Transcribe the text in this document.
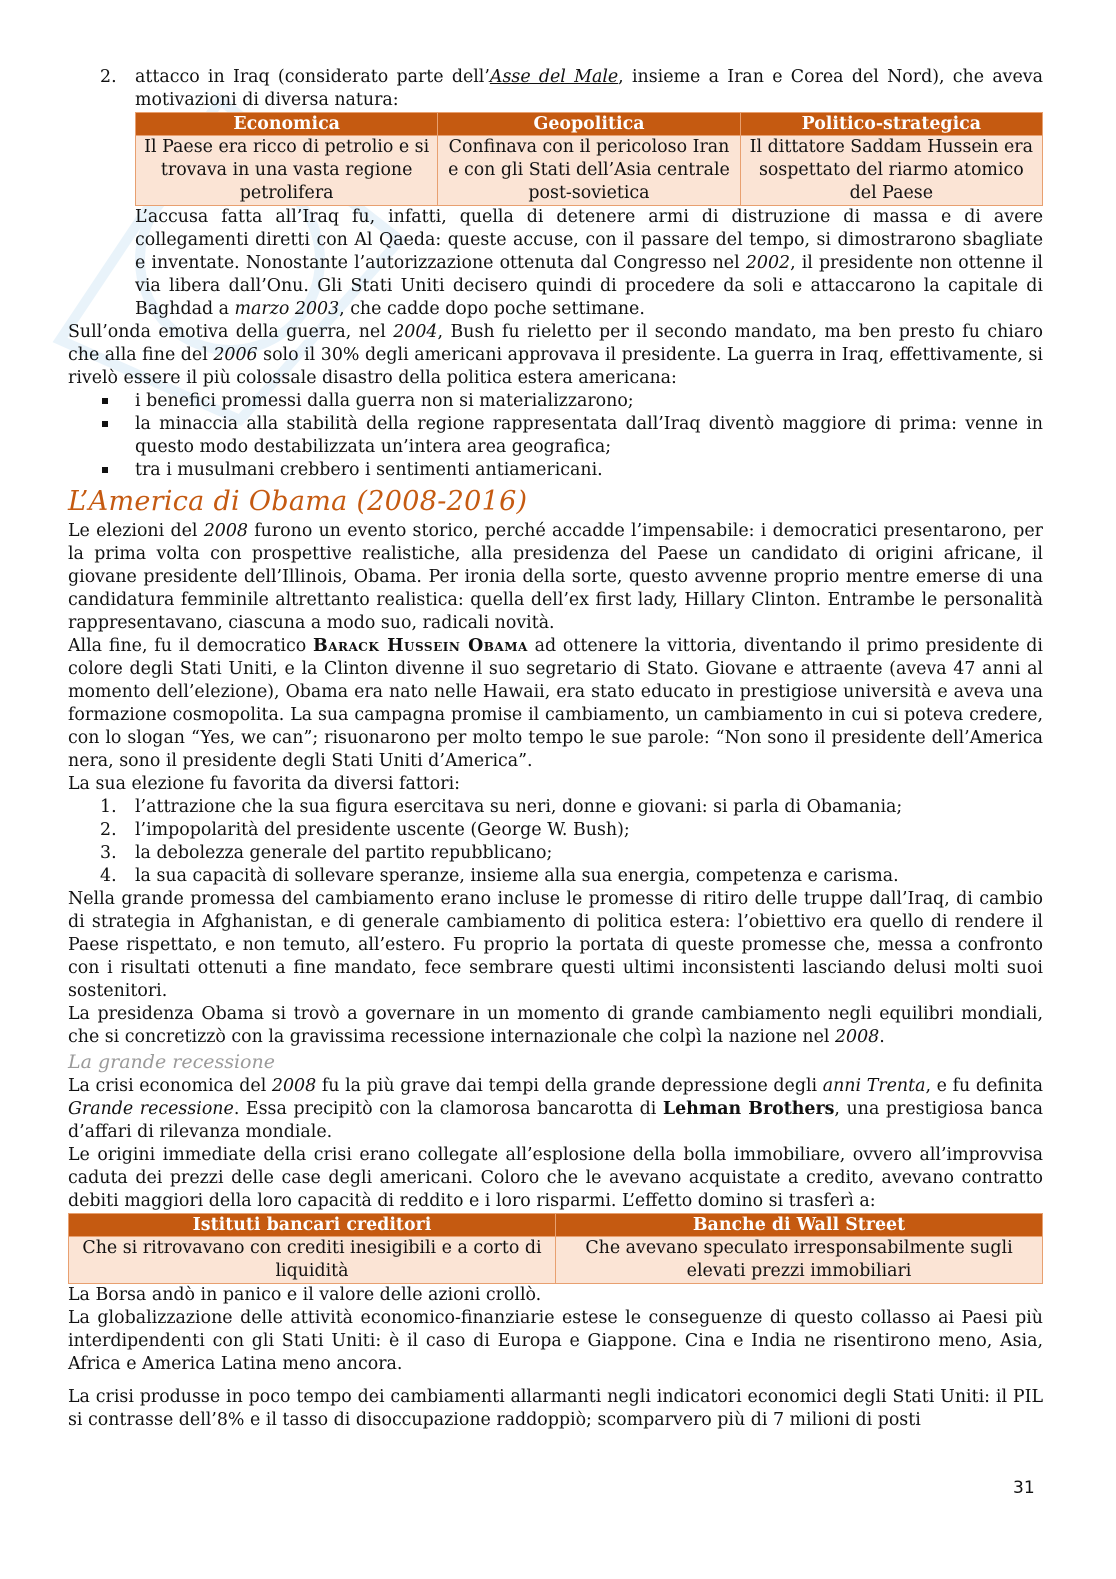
2. attacco in Iraq (considerato parte dell’Asse del Male, insieme a Iran e Corea del Nord), che aveva motivazioni di diversa natura:
Economica	Geopolitica	Politico-strategica
Il Paese era ricco di petrolio e si trovava in una vasta regione petrolifera	Confinava con il pericoloso Iran e con gli Stati dell’Asia centrale post-sovietica	Il dittatore Saddam Hussein era sospettato del riarmo atomico del Paese

L’accusa fatta all’Iraq fu, infatti, quella di detenere armi di distruzione di massa e di avere collegamenti diretti con Al Qaeda: queste accuse, con il passare del tempo, si dimostrarono sbagliate e inventate. Nonostante l’autorizzazione ottenuta dal Congresso nel 2002, il presidente non ottenne il via libera dall’Onu. Gli Stati Uniti decisero quindi di procedere da soli e attaccarono la capitale di Baghdad a marzo 2003, che cadde dopo poche settimane.

Sull’onda emotiva della guerra, nel 2004, Bush fu rieletto per il secondo mandato, ma ben presto fu chiaro che alla fine del 2006 solo il 30% degli americani approvava il presidente. La guerra in Iraq, effettivamente, si rivelò essere il più colossale disastro della politica estera americana:

i benefici promessi dalla guerra non si materializzarono;
la minaccia alla stabilità della regione rappresentata dall’Iraq diventò maggiore di prima: venne in questo modo destabilizzata un’intera area geografica;
tra i musulmani crebbero i sentimenti antiamericani.
L’America di Obama (2008-2016)

Le elezioni del 2008 furono un evento storico, perché accadde l’impensabile: i democratici presentarono, per la prima volta con prospettive realistiche, alla presidenza del Paese un candidato di origini africane, il giovane presidente dell’Illinois, Obama. Per ironia della sorte, questo avvenne proprio mentre emerse di una candidatura femminile altrettanto realistica: quella dell’ex first lady, Hillary Clinton. Entrambe le personalità rappresentavano, ciascuna a modo suo, radicali novità.

Alla fine, fu il democratico Barack Hussein Obama ad ottenere la vittoria, diventando il primo presidente di colore degli Stati Uniti, e la Clinton divenne il suo segretario di Stato. Giovane e attraente (aveva 47 anni al momento dell’elezione), Obama era nato nelle Hawaii, era stato educato in prestigiose università e aveva una formazione cosmopolita. La sua campagna promise il cambiamento, un cambiamento in cui si poteva credere, con lo slogan “Yes, we can”; risuonarono per molto tempo le sue parole: “Non sono il presidente dell’America nera, sono il presidente degli Stati Uniti d’America”.

La sua elezione fu favorita da diversi fattori:

1. l’attrazione che la sua figura esercitava su neri, donne e giovani: si parla di Obamania;
2. l’impopolarità del presidente uscente (George W. Bush);
3. la debolezza generale del partito repubblicano;
4. la sua capacità di sollevare speranze, insieme alla sua energia, competenza e carisma.

Nella grande promessa del cambiamento erano incluse le promesse di ritiro delle truppe dall’Iraq, di cambio di strategia in Afghanistan, e di generale cambiamento di politica estera: l’obiettivo era quello di rendere il Paese rispettato, e non temuto, all’estero. Fu proprio la portata di queste promesse che, messa a confronto con i risultati ottenuti a fine mandato, fece sembrare questi ultimi inconsistenti lasciando delusi molti suoi sostenitori.

La presidenza Obama si trovò a governare in un momento di grande cambiamento negli equilibri mondiali, che si concretizzò con la gravissima recessione internazionale che colpì la nazione nel 2008.

La grande recessione

La crisi economica del 2008 fu la più grave dai tempi della grande depressione degli anni Trenta, e fu definita Grande recessione. Essa precipitò con la clamorosa bancarotta di Lehman Brothers, una prestigiosa banca d’affari di rilevanza mondiale.

Le origini immediate della crisi erano collegate all’esplosione della bolla immobiliare, ovvero all’improvvisa caduta dei prezzi delle case degli americani. Coloro che le avevano acquistate a credito, avevano contratto debiti maggiori della loro capacità di reddito e i loro risparmi. L’effetto domino si trasferì a:

Istituti bancari creditori	Banche di Wall Street
Che si ritrovavano con crediti inesigibili e a corto di liquidità	Che avevano speculato irresponsabilmente sugli elevati prezzi immobiliari

La Borsa andò in panico e il valore delle azioni crollò.

La globalizzazione delle attività economico-finanziarie estese le conseguenze di questo collasso ai Paesi più interdipendenti con gli Stati Uniti: è il caso di Europa e Giappone. Cina e India ne risentirono meno, Asia, Africa e America Latina meno ancora.

La crisi produsse in poco tempo dei cambiamenti allarmanti negli indicatori economici degli Stati Uniti: il PIL si contrasse dell’8% e il tasso di disoccupazione raddoppiò; scomparvero più di 7 milioni di posti

31
